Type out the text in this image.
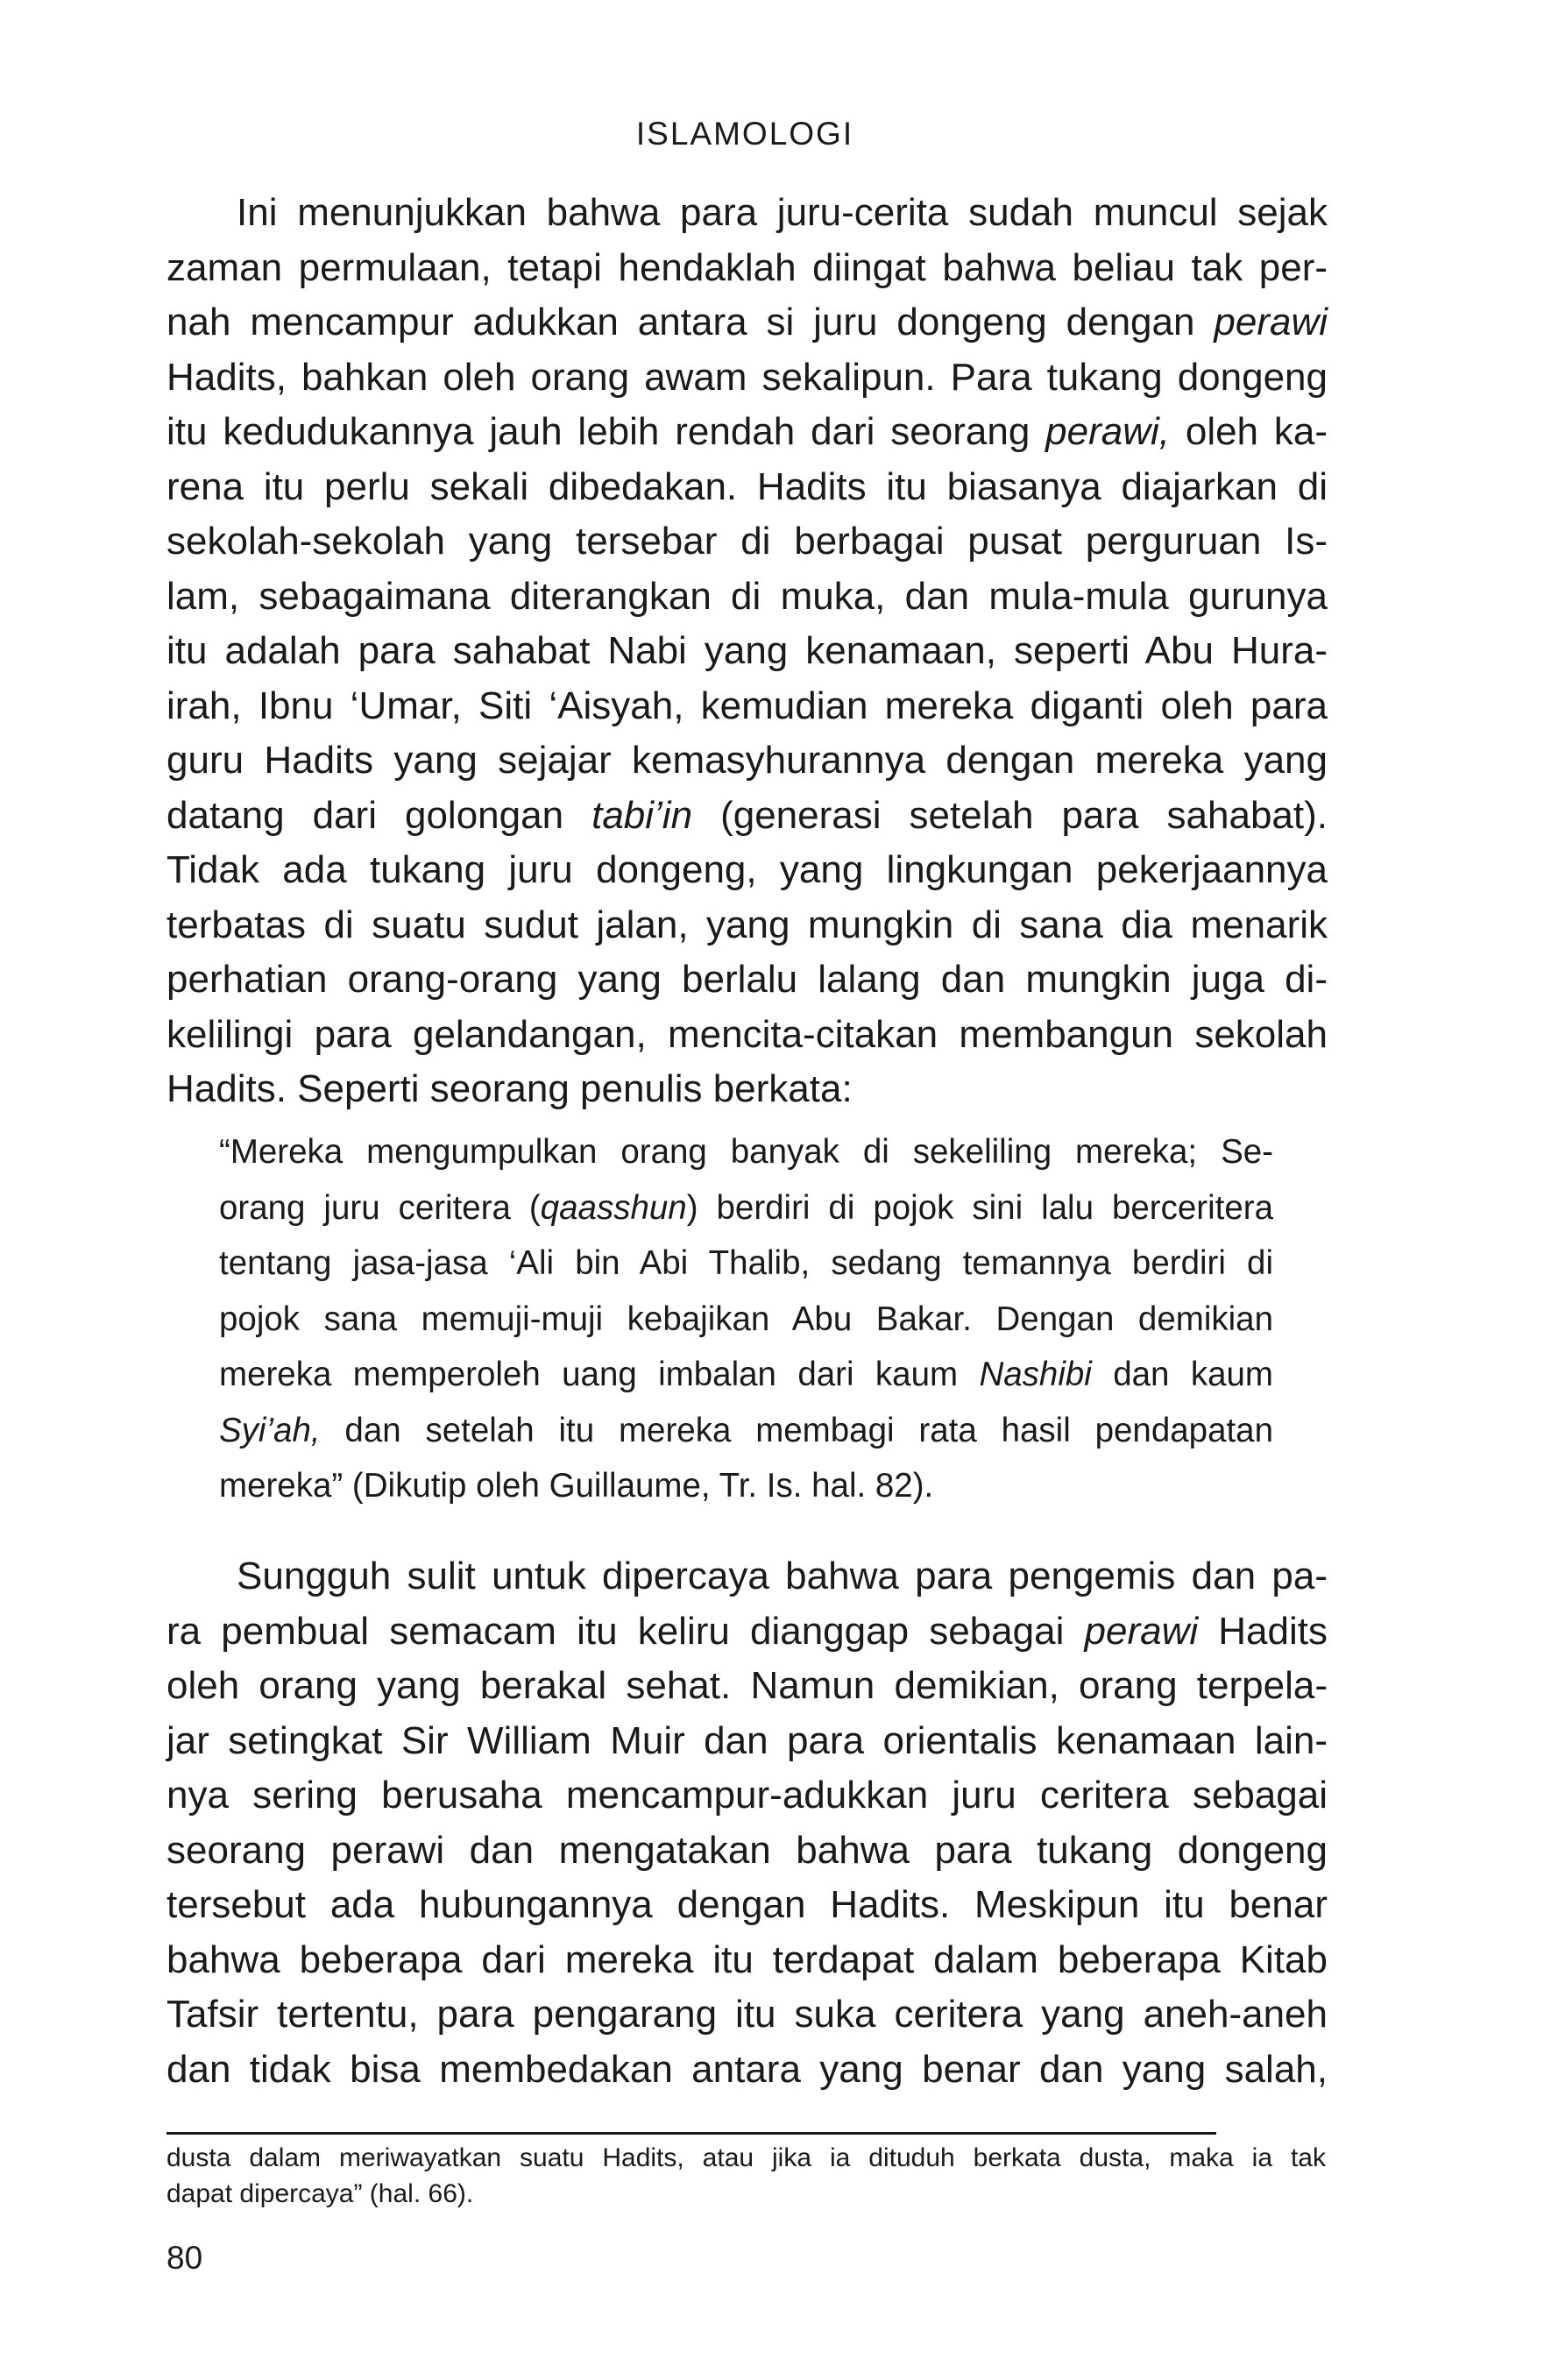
ISLAMOLOGI
Ini menunjukkan bahwa para juru-cerita sudah muncul sejak
zaman permulaan, tetapi hendaklah diingat bahwa beliau tak per-
nah mencampur adukkan antara si juru dongeng dengan perawi
Hadits, bahkan oleh orang awam sekalipun. Para tukang dongeng
itu kedudukannya jauh lebih rendah dari seorang perawi, oleh ka-
rena itu perlu sekali dibedakan. Hadits itu biasanya diajarkan di
sekolah-sekolah yang tersebar di berbagai pusat perguruan Is-
lam, sebagaimana diterangkan di muka, dan mula-mula gurunya
itu adalah para sahabat Nabi yang kenamaan, seperti Abu Hura-
irah, Ibnu ‘Umar, Siti ‘Aisyah, kemudian mereka diganti oleh para
guru Hadits yang sejajar kemasyhurannya dengan mereka yang
datang dari golongan tabi’in (generasi setelah para sahabat).
Tidak ada tukang juru dongeng, yang lingkungan pekerjaannya
terbatas di suatu sudut jalan, yang mungkin di sana dia menarik
perhatian orang-orang yang berlalu lalang dan mungkin juga di-
kelilingi para gelandangan, mencita-citakan membangun sekolah
Hadits. Seperti seorang penulis berkata:
“Mereka mengumpulkan orang banyak di sekeliling mereka; Se-
orang juru ceritera (qaasshun) berdiri di pojok sini lalu berceritera
tentang jasa-jasa ‘Ali bin Abi Thalib, sedang temannya berdiri di
pojok sana memuji-muji kebajikan Abu Bakar. Dengan demikian
mereka memperoleh uang imbalan dari kaum Nashibi dan kaum
Syi’ah, dan setelah itu mereka membagi rata hasil pendapatan
mereka” (Dikutip oleh Guillaume, Tr. Is. hal. 82).
Sungguh sulit untuk dipercaya bahwa para pengemis dan pa-
ra pembual semacam itu keliru dianggap sebagai perawi Hadits
oleh orang yang berakal sehat. Namun demikian, orang terpela-
jar setingkat Sir William Muir dan para orientalis kenamaan lain-
nya sering berusaha mencampur-adukkan juru ceritera sebagai
seorang perawi dan mengatakan bahwa para tukang dongeng
tersebut ada hubungannya dengan Hadits. Meskipun itu benar
bahwa beberapa dari mereka itu terdapat dalam beberapa Kitab
Tafsir tertentu, para pengarang itu suka ceritera yang aneh-aneh
dan tidak bisa membedakan antara yang benar dan yang salah,
dusta dalam meriwayatkan suatu Hadits, atau jika ia dituduh berkata dusta, maka ia tak
dapat dipercaya” (hal. 66).
80
